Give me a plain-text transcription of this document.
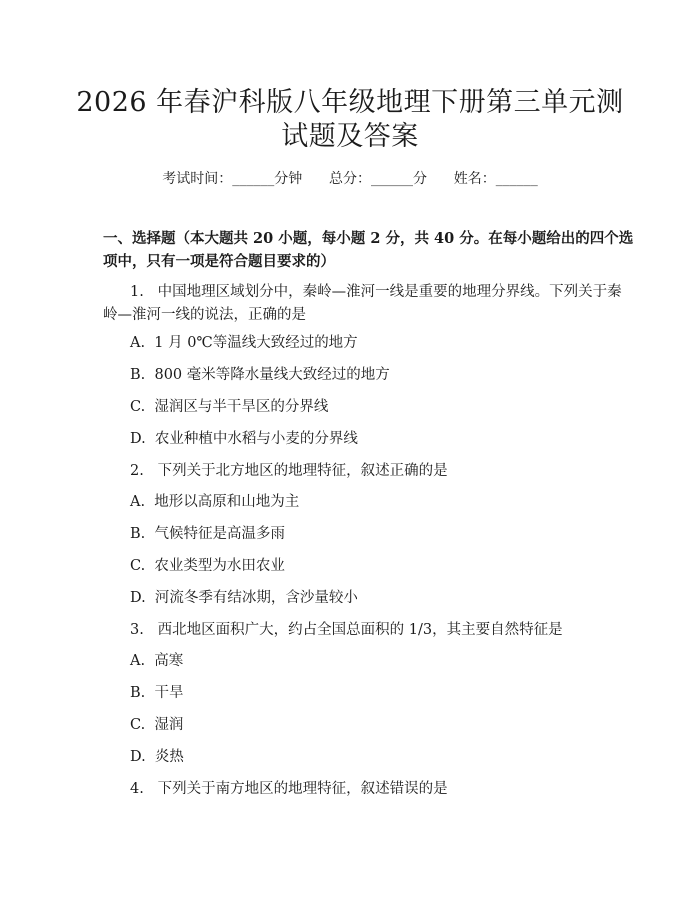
2026 年春沪科版八年级地理下册第三单元测
试题及答案
考试时间：______分钟      总分：______分      姓名：______
一、选择题（本大题共 20 小题，每小题 2 分，共 40 分。在每小题给出的四个选
项中，只有一项是符合题目要求的）
1.   中国地理区域划分中，秦岭—淮河一线是重要的地理分界线。下列关于秦
岭—淮河一线的说法，正确的是
A.  1 月 0℃等温线大致经过的地方
B.  800 毫米等降水量线大致经过的地方
C.  湿润区与半干旱区的分界线
D.  农业种植中水稻与小麦的分界线
2.   下列关于北方地区的地理特征，叙述正确的是
A.  地形以高原和山地为主
B.  气候特征是高温多雨
C.  农业类型为水田农业
D.  河流冬季有结冰期，含沙量较小
3.   西北地区面积广大，约占全国总面积的 1/3，其主要自然特征是
A.  高寒
B.  干旱
C.  湿润
D.  炎热
4.   下列关于南方地区的地理特征，叙述错误的是
